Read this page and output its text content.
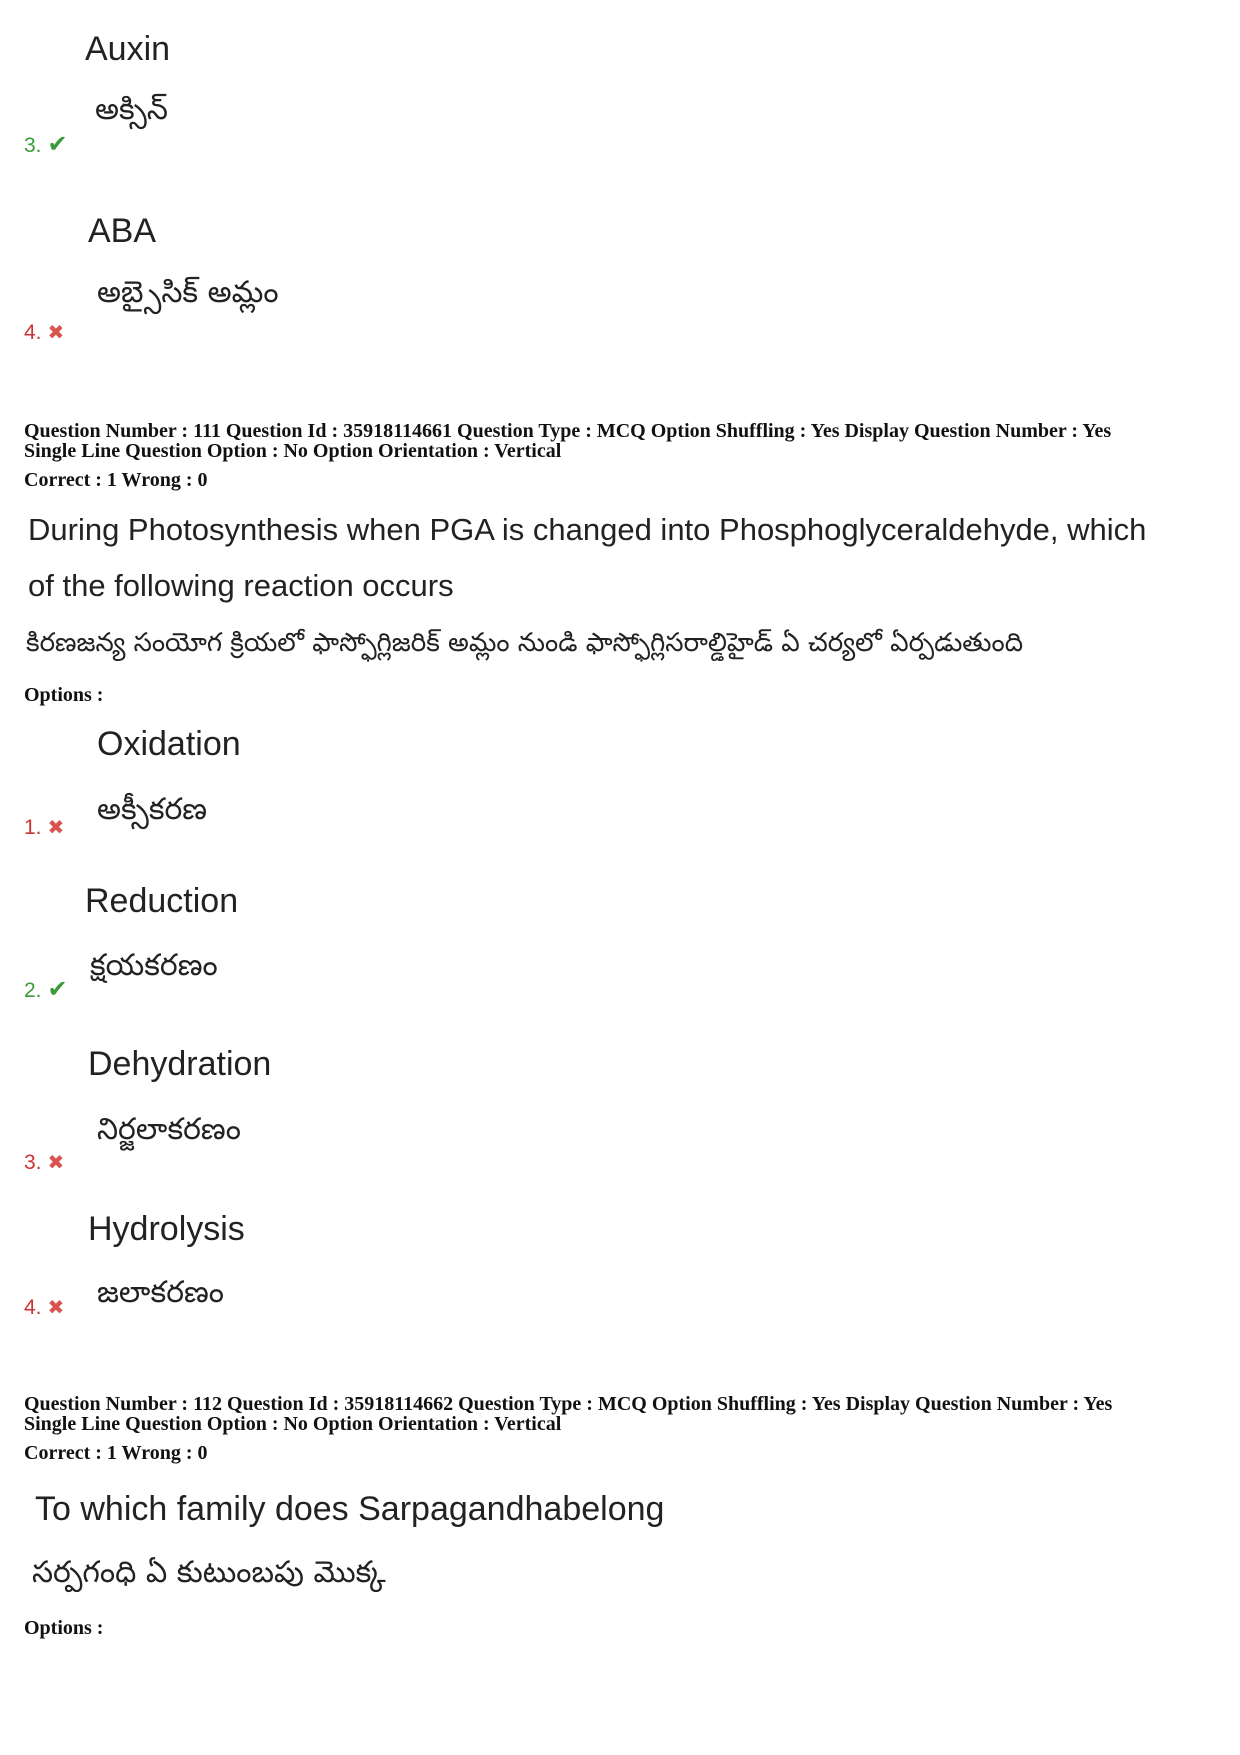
Auxin
అక్సిన్
3. ✔
ABA
అబ్సైసిక్ అమ్లం
4. ✖
Question Number : 111 Question Id : 35918114661 Question Type : MCQ Option Shuffling : Yes Display Question Number : Yes
Single Line Question Option : No Option Orientation : Vertical
Correct : 1 Wrong : 0
During Photosynthesis when PGA is changed into Phosphoglyceraldehyde, which
of the following reaction occurs
కిరణజన్య సంయోగ క్రియలో ఫాస్ఫోగ్లిజరిక్ అమ్లం నుండి ఫాస్ఫోగ్లిసరాల్డిహైడ్ ఏ చర్యలో ఏర్పడుతుంది
Options :
Oxidation
అక్సీకరణ
1. ✖
Reduction
క్షయకరణం
2. ✔
Dehydration
నిర్జలాకరణం
3. ✖
Hydrolysis
జలాకరణం
4. ✖
Question Number : 112 Question Id : 35918114662 Question Type : MCQ Option Shuffling : Yes Display Question Number : Yes
Single Line Question Option : No Option Orientation : Vertical
Correct : 1 Wrong : 0
To which family does Sarpagandhabelong
సర్పగంధి ఏ కుటుంబపు మొక్క
Options :
